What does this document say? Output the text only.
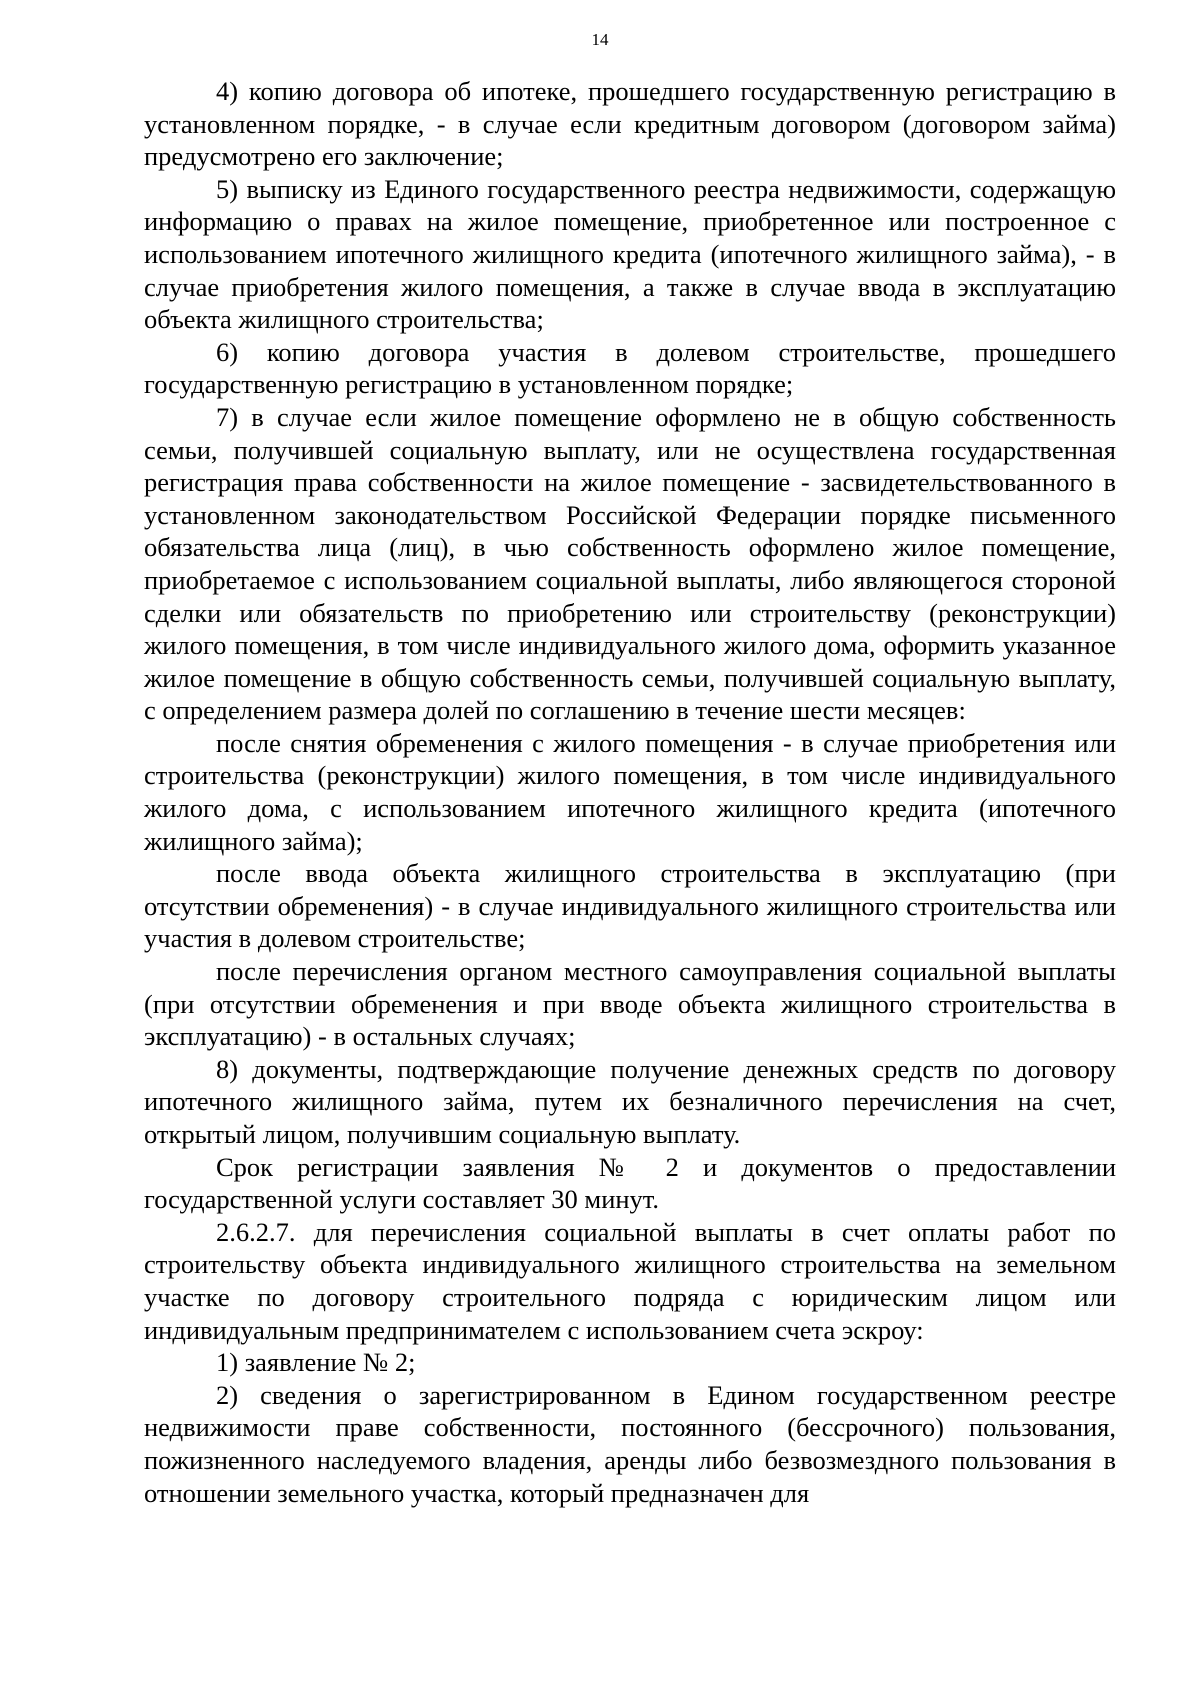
14

4) копию договора об ипотеке, прошедшего государственную регистрацию в установленном порядке, - в случае если кредитным договором (договором займа) предусмотрено его заключение;

5) выписку из Единого государственного реестра недвижимости, содержащую информацию о правах на жилое помещение, приобретенное или построенное с использованием ипотечного жилищного кредита (ипотечного жилищного займа), - в случае приобретения жилого помещения, а также в случае ввода в эксплуатацию объекта жилищного строительства;

6) копию договора участия в долевом строительстве, прошедшего государственную регистрацию в установленном порядке;

7) в случае если жилое помещение оформлено не в общую собственность семьи, получившей социальную выплату, или не осуществлена государственная регистрация права собственности на жилое помещение - засвидетельствованного в установленном законодательством Российской Федерации порядке письменного обязательства лица (лиц), в чью собственность оформлено жилое помещение, приобретаемое с использованием социальной выплаты, либо являющегося стороной сделки или обязательств по приобретению или строительству (реконструкции) жилого помещения, в том числе индивидуального жилого дома, оформить указанное жилое помещение в общую собственность семьи, получившей социальную выплату, с определением размера долей по соглашению в течение шести месяцев:

после снятия обременения с жилого помещения - в случае приобретения или строительства (реконструкции) жилого помещения, в том числе индивидуального жилого дома, с использованием ипотечного жилищного кредита (ипотечного жилищного займа);

после ввода объекта жилищного строительства в эксплуатацию (при отсутствии обременения) - в случае индивидуального жилищного строительства или участия в долевом строительстве;

после перечисления органом местного самоуправления социальной выплаты (при отсутствии обременения и при вводе объекта жилищного строительства в эксплуатацию) - в остальных случаях;

8) документы, подтверждающие получение денежных средств по договору ипотечного жилищного займа, путем их безналичного перечисления на счет, открытый лицом, получившим социальную выплату.

Срок регистрации заявления № 2 и документов о предоставлении государственной услуги составляет 30 минут.

2.6.2.7. для перечисления социальной выплаты в счет оплаты работ по строительству объекта индивидуального жилищного строительства на земельном участке по договору строительного подряда с юридическим лицом или индивидуальным предпринимателем с использованием счета эскроу:

1) заявление № 2;

2) сведения о зарегистрированном в Едином государственном реестре недвижимости праве собственности, постоянного (бессрочного) пользования, пожизненного наследуемого владения, аренды либо безвозмездного пользования в отношении земельного участка, который предназначен для
